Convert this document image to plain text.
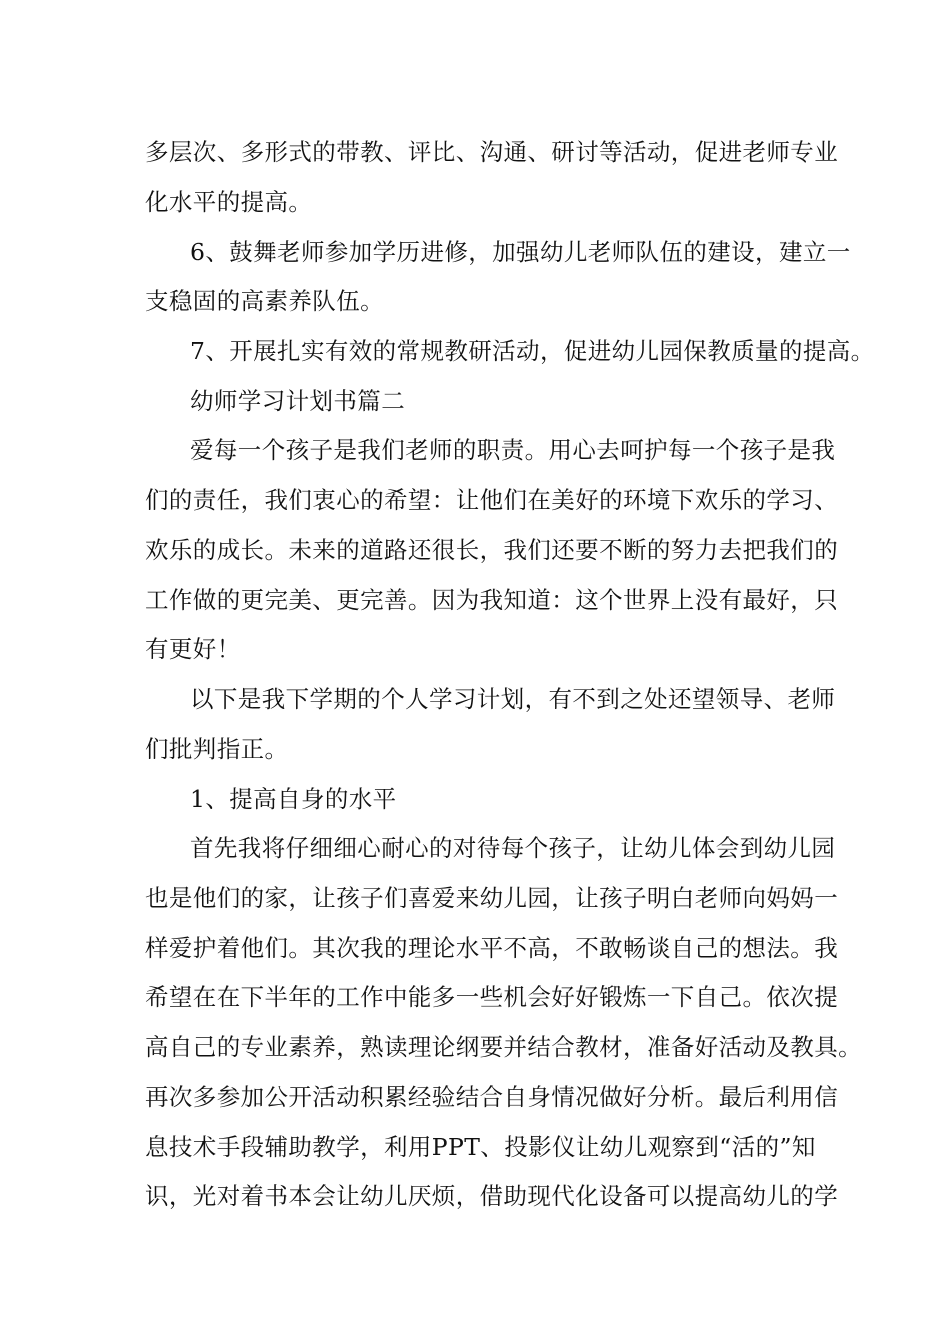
多层次、多形式的带教、评比、沟通、研讨等活动，促进老师专业
化水平的提高。
6、鼓舞老师参加学历进修，加强幼儿老师队伍的建设，建立一
支稳固的高素养队伍。
7、开展扎实有效的常规教研活动，促进幼儿园保教质量的提高。
幼师学习计划书篇二
爱每一个孩子是我们老师的职责。用心去呵护每一个孩子是我
们的责任，我们衷心的希望：让他们在美好的环境下欢乐的学习、
欢乐的成长。未来的道路还很长，我们还要不断的努力去把我们的
工作做的更完美、更完善。因为我知道：这个世界上没有最好，只
有更好！
以下是我下学期的个人学习计划，有不到之处还望领导、老师
们批判指正。
1、提高自身的水平
首先我将仔细细心耐心的对待每个孩子，让幼儿体会到幼儿园
也是他们的家，让孩子们喜爱来幼儿园，让孩子明白老师向妈妈一
样爱护着他们。其次我的理论水平不高，不敢畅谈自己的想法。我
希望在在下半年的工作中能多一些机会好好锻炼一下自己。依次提
高自己的专业素养，熟读理论纲要并结合教材，准备好活动及教具。
再次多参加公开活动积累经验结合自身情况做好分析。最后利用信
息技术手段辅助教学，利用PPT、投影仪让幼儿观察到“活的”知
识，光对着书本会让幼儿厌烦，借助现代化设备可以提高幼儿的学
